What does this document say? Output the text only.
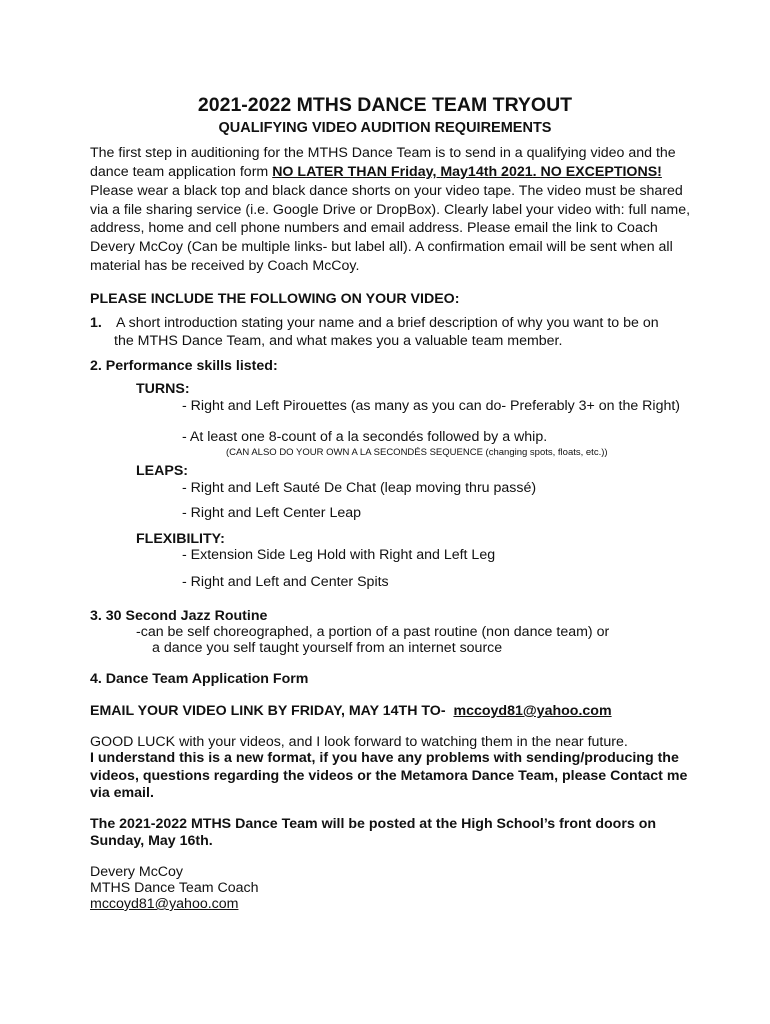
2021-2022 MTHS DANCE TEAM TRYOUT
QUALIFYING VIDEO AUDITION REQUIREMENTS
The first step in auditioning for the MTHS Dance Team is to send in a qualifying video and the
dance team application form NO LATER THAN Friday, May14th 2021. NO EXCEPTIONS!
Please wear a black top and black dance shorts on your video tape. The video must be shared
via a file sharing service (i.e. Google Drive or DropBox). Clearly label your video with: full name,
address, home and cell phone numbers and email address. Please email the link to Coach
Devery McCoy (Can be multiple links- but label all). A confirmation email will be sent when all
material has be received by Coach McCoy.
PLEASE INCLUDE THE FOLLOWING ON YOUR VIDEO:
1. A short introduction stating your name and a brief description of why you want to be on
the MTHS Dance Team, and what makes you a valuable team member.
2. Performance skills listed:
TURNS:
- Right and Left Pirouettes (as many as you can do- Preferably 3+ on the Right)
- At least one 8-count of a la secondés followed by a whip.
(CAN ALSO DO YOUR OWN A LA SECONDÉS SEQUENCE (changing spots, floats, etc.))
LEAPS:
- Right and Left Sauté De Chat (leap moving thru passé)
- Right and Left Center Leap
FLEXIBILITY:
- Extension Side Leg Hold with Right and Left Leg
- Right and Left and Center Spits
3. 30 Second Jazz Routine
-can be self choreographed, a portion of a past routine (non dance team) or
a dance you self taught yourself from an internet source
4. Dance Team Application Form
EMAIL YOUR VIDEO LINK BY FRIDAY, MAY 14TH TO- mccoyd81@yahoo.com
GOOD LUCK with your videos, and I look forward to watching them in the near future.
I understand this is a new format, if you have any problems with sending/producing the
videos, questions regarding the videos or the Metamora Dance Team, please Contact me
via email.
The 2021-2022 MTHS Dance Team will be posted at the High School’s front doors on
Sunday, May 16th.
Devery McCoy
MTHS Dance Team Coach
mccoyd81@yahoo.com
